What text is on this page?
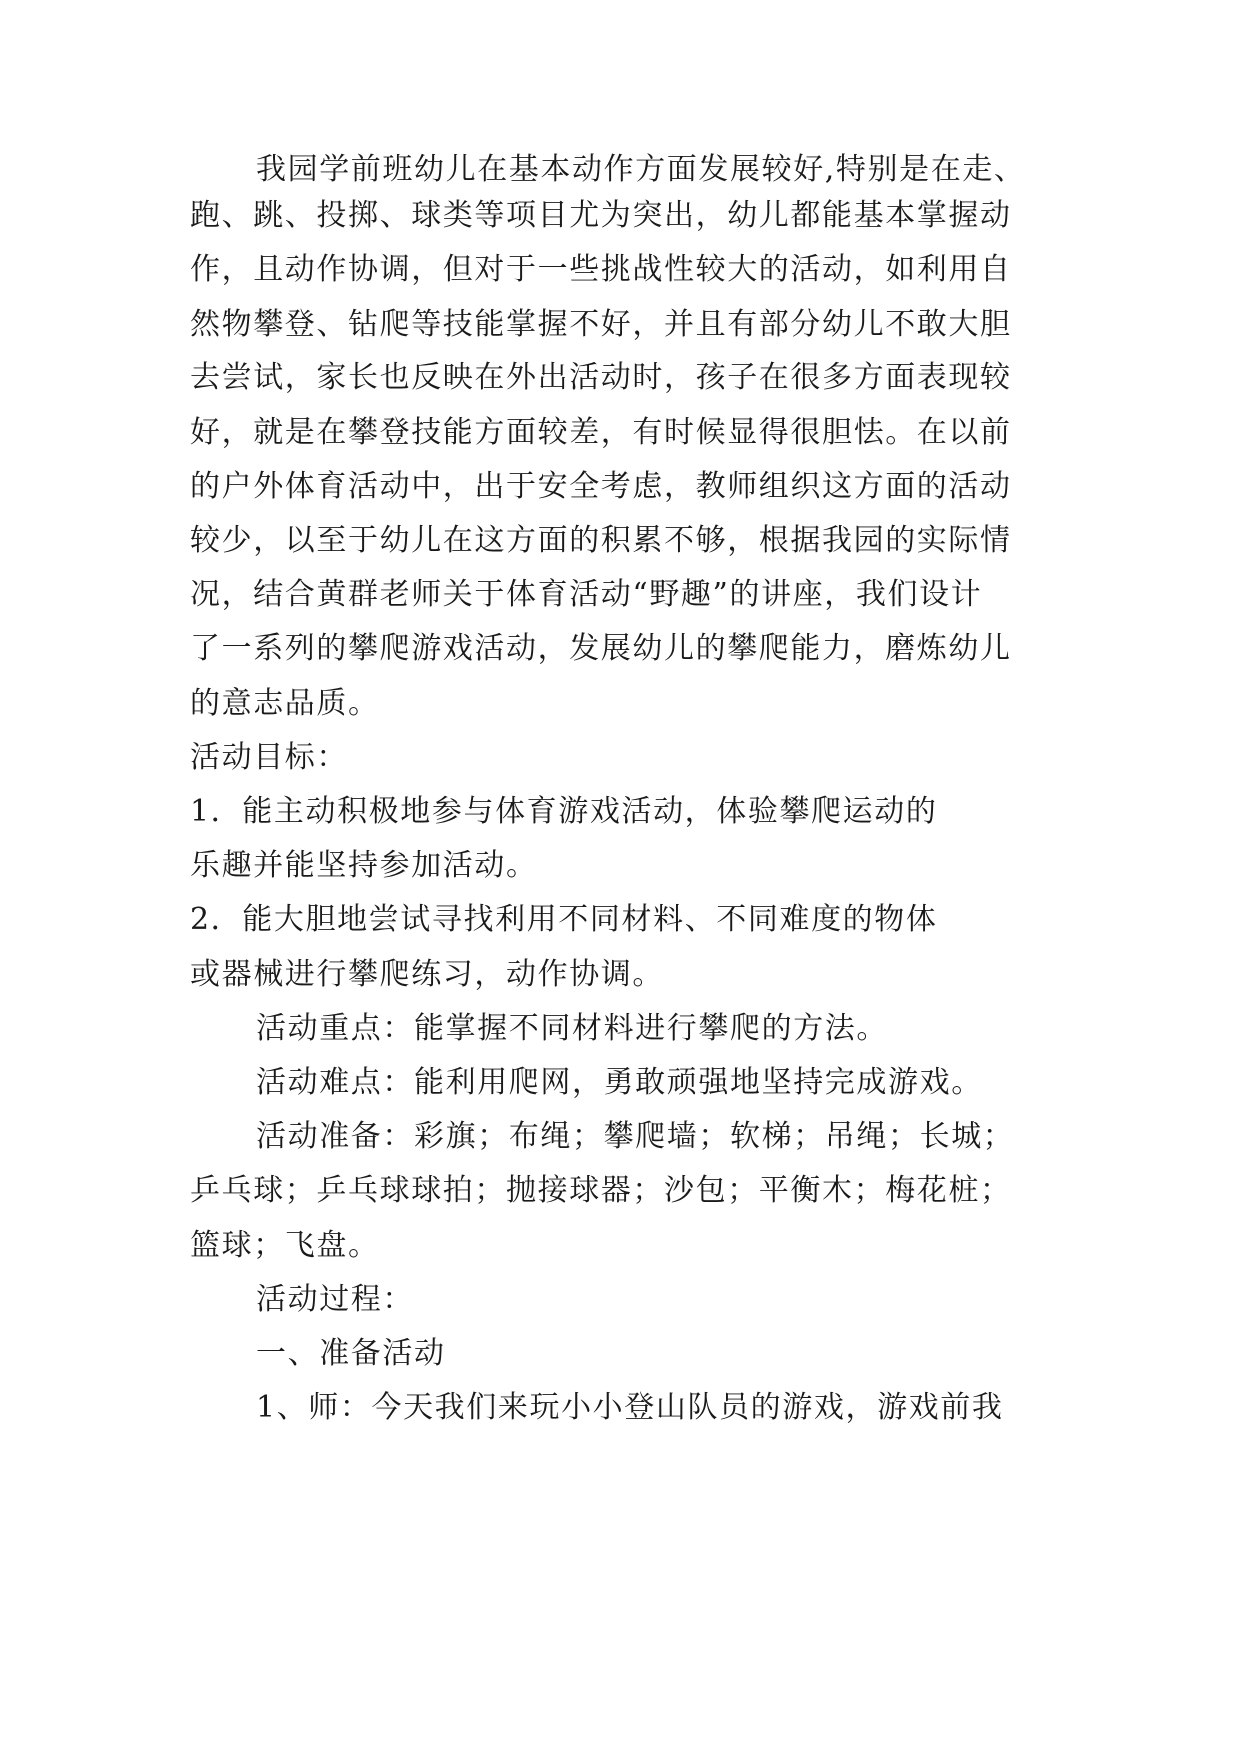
我园学前班幼儿在基本动作方面发展较好,特别是在走、
跑、跳、投掷、球类等项目尤为突出，幼儿都能基本掌握动
作，且动作协调，但对于一些挑战性较大的活动，如利用自
然物攀登、钻爬等技能掌握不好，并且有部分幼儿不敢大胆
去尝试，家长也反映在外出活动时，孩子在很多方面表现较
好，就是在攀登技能方面较差，有时候显得很胆怯。在以前
的户外体育活动中，出于安全考虑，教师组织这方面的活动
较少，以至于幼儿在这方面的积累不够，根据我园的实际情
况，结合黄群老师关于体育活动“野趣”的讲座，我们设计
了一系列的攀爬游戏活动，发展幼儿的攀爬能力，磨炼幼儿
的意志品质。
活动目标：
1．能主动积极地参与体育游戏活动，体验攀爬运动的
乐趣并能坚持参加活动。
2．能大胆地尝试寻找利用不同材料、不同难度的物体
或器械进行攀爬练习，动作协调。
活动重点：能掌握不同材料进行攀爬的方法。
活动难点：能利用爬网，勇敢顽强地坚持完成游戏。
活动准备：彩旗；布绳；攀爬墙；软梯；吊绳；长城；
乒乓球；乒乓球球拍；抛接球器；沙包；平衡木；梅花桩；
篮球；飞盘。
活动过程：
一、准备活动
1、师：今天我们来玩小小登山队员的游戏，游戏前我
